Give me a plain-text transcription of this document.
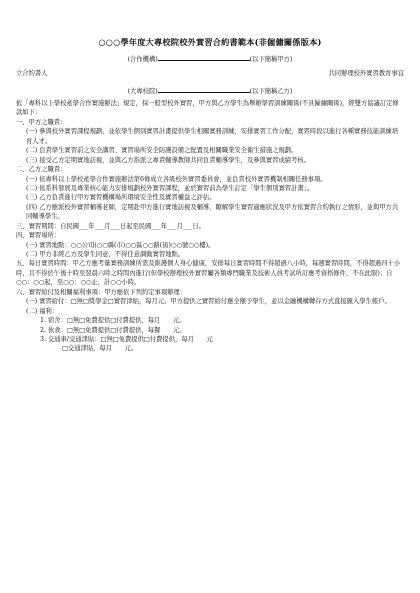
○○○學年度大專校院校外實習合約書範本(非僱傭關係版本)
(合作機構)	(以下簡稱甲方)
立合約書人	共同辦理校外實習教育事宜
(大專校院)	(以下簡稱乙方)

依「專科以上學校產學合作實施辦法」規定，採一般型校外實習，甲方與乙方學生為舉辦學習訓練關係(不具僱傭關係)，經雙方協議訂定條款如下：

一、甲方之職責：

(一) 參與校外實習課程規劃，並依學生個別實習計畫提供學生相關實務訓練，安排實習工作分配，實習時段以進行各種實務技能訓練培育人才。

(二) 負責學生實習前之安全講習、實習場所安全防護設備之配置及相關職業安全衛生措施之規劃。

(三) 接受乙方定期實地訪視，並與乙方指派之專責輔導教師共同負責輔導學生，及參與實習成績考核。

二、乙方之職責：

(一) 依專科以上學校產學合作實施辦法第6條成立各級校外實習委員會，並負責校外實習機制相關任務事項。

(二) 依系科發展及專業核心能力安排規劃校外實習課程，並於實習前為學生訂定「學生個別實習計畫」。

(三) 乙方負責進行甲方實習機構場所環境安全性及實習權益之評估。

(四) 乙方應派校外實習輔導老師，定期赴甲方進行實地訪視及輔導，瞭解學生實習適應狀況及甲方依實習合約執行之情形，並與甲方共同輔導學生。

三、實習期間：自民國___年___月___日起至民國___年___月___日。

四、實習場所：

(一) 實習地點：○○公司(○○縣(市)○○區○○路(街)○○號○○樓)。

(二) 甲方非經乙方及學生同意，不得任意調動實習地點。

五、每日實習時間：甲乙方應考量實務訓練所需及維護個人身心健康，安排每日實習時間不得超過八小時，每週實習時間，不得超過四十小時，且不得於午後十時至翌晨六時之時間內進行(但學校辦理校外實習屬各類專門職業及技術人員考試所訂應考資格條件，不在此限)；自○○：○○起，至○○：○○止，計○○小時。

六、實習給付及相關福利事項：甲方應依下列約定事項辦理：

(一) 實習給付：□無□獎學金□實習津貼，每月元。甲方提供之實習給付應全額予學生，並以金融機構轉存方式直接匯入學生帳戶。

(二) 福利：

1. 宿舍：□無□免費提供□付費提供，每月　　元。

2. 伙食：□無□免費提供□付費提供，每餐　　元。

3. 交通車/交通津貼：□無□免費提供□付費提供，每月　　元

□交通津貼，每月　　元。
